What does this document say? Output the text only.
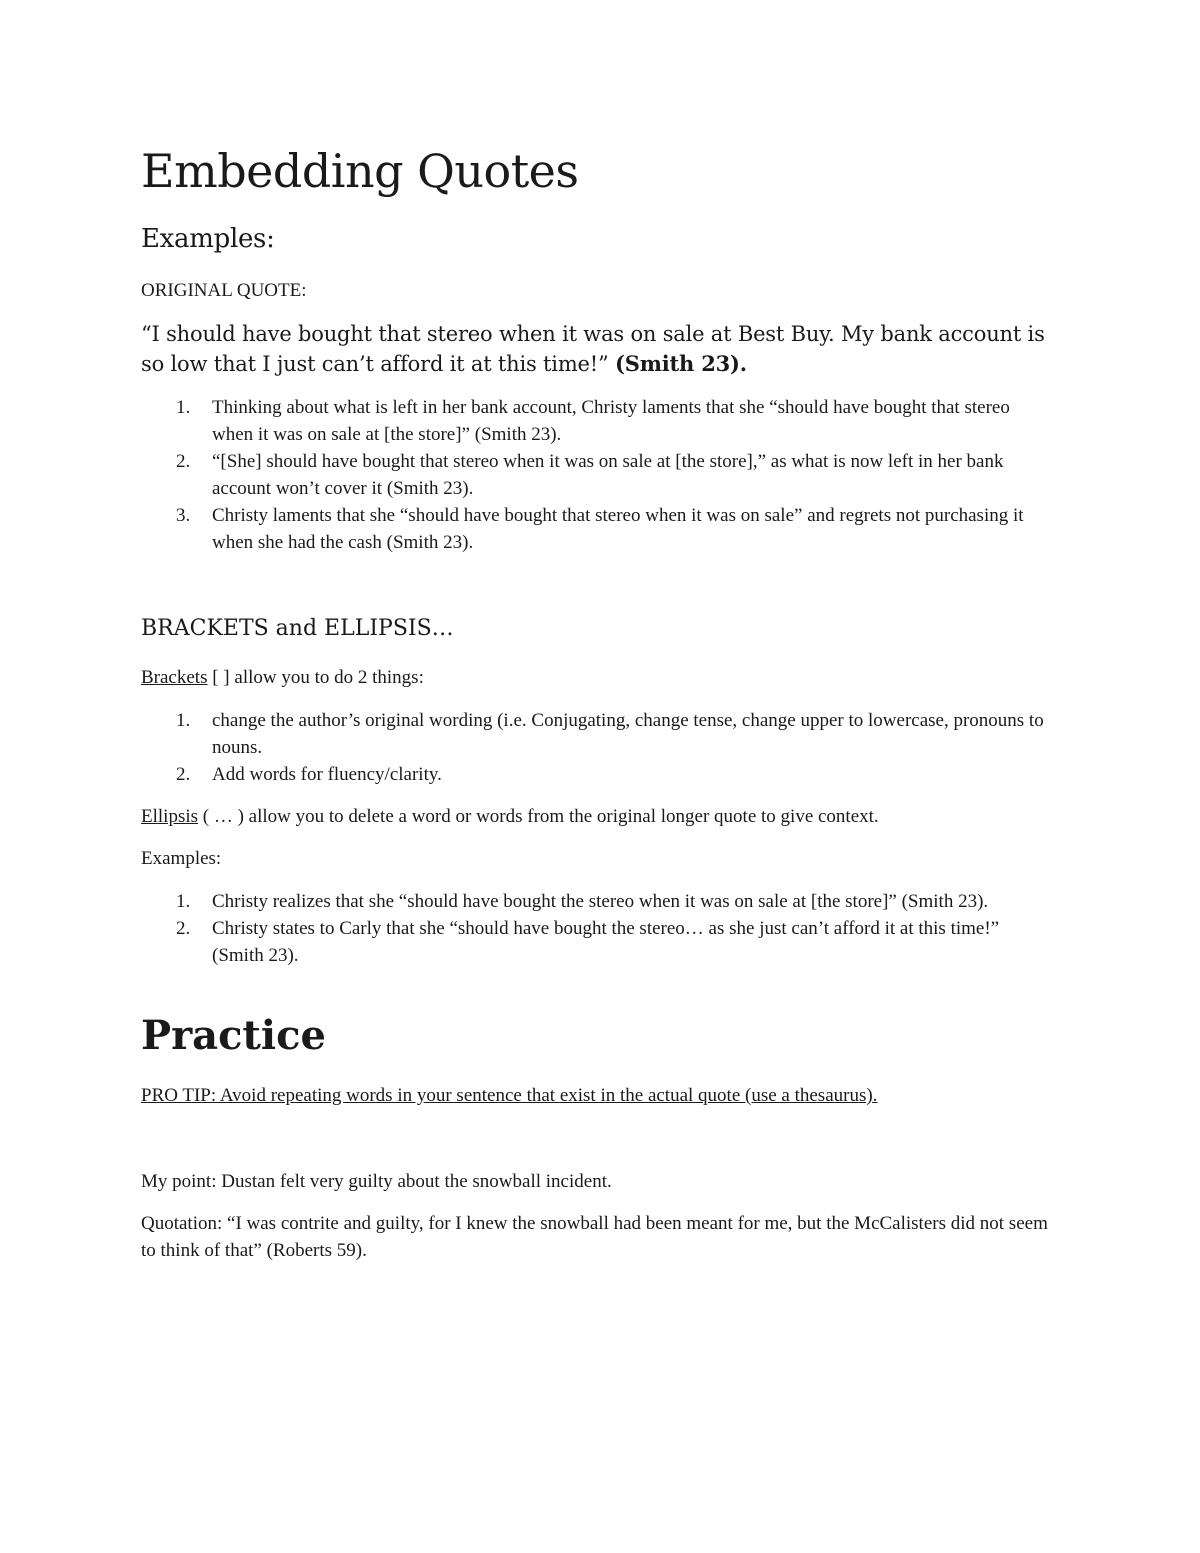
Embedding Quotes
Examples:
ORIGINAL QUOTE:
“I should have bought that stereo when it was on sale at Best Buy. My bank account is so low that I just can’t afford it at this time!” (Smith 23).
1. Thinking about what is left in her bank account, Christy laments that she “should have bought that stereo when it was on sale at [the store]” (Smith 23).
2. “[She] should have bought that stereo when it was on sale at [the store],” as what is now left in her bank account won’t cover it (Smith 23).
3. Christy laments that she “should have bought that stereo when it was on sale” and regrets not purchasing it when she had the cash (Smith 23).
BRACKETS and ELLIPSIS…
Brackets [ ] allow you to do 2 things:
1. change the author’s original wording (i.e. Conjugating, change tense, change upper to lowercase, pronouns to nouns.
2. Add words for fluency/clarity.
Ellipsis ( … ) allow you to delete a word or words from the original longer quote to give context.
Examples:
1. Christy realizes that she “should have bought the stereo when it was on sale at [the store]” (Smith 23).
2. Christy states to Carly that she “should have bought the stereo… as she just can’t afford it at this time!” (Smith 23).
Practice
PRO TIP: Avoid repeating words in your sentence that exist in the actual quote (use a thesaurus).
My point: Dustan felt very guilty about the snowball incident.
Quotation: “I was contrite and guilty, for I knew the snowball had been meant for me, but the McCalisters did not seem to think of that” (Roberts 59).
